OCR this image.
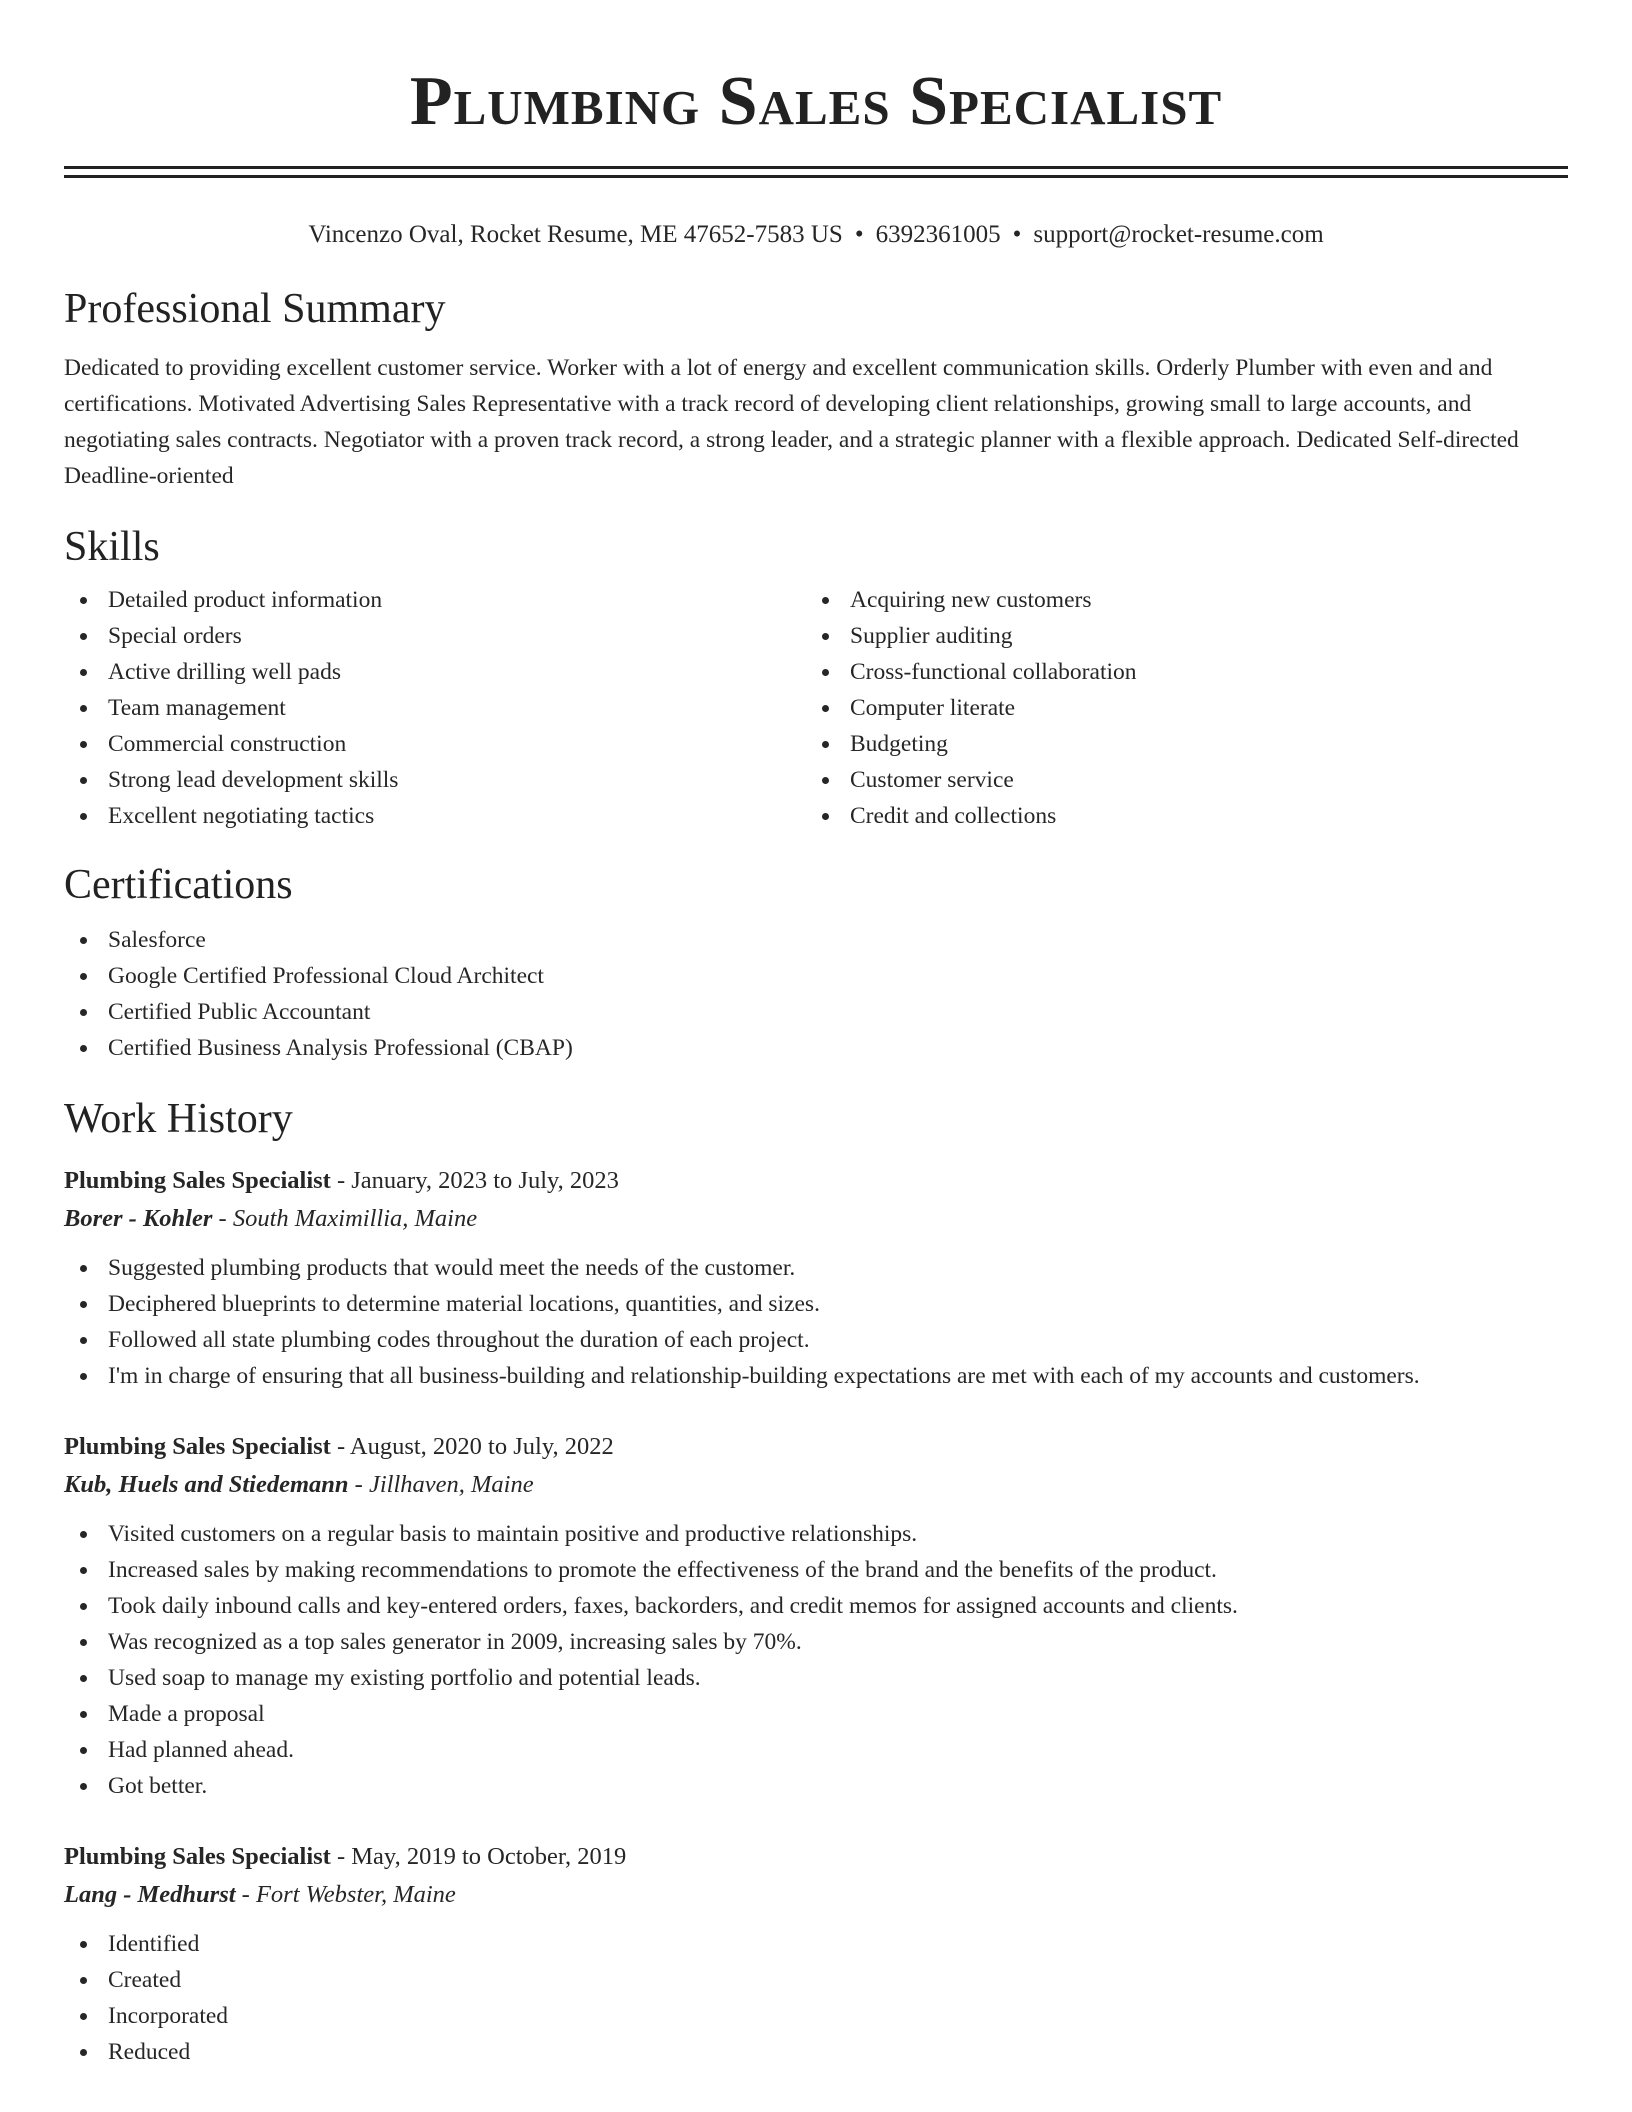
Plumbing Sales Specialist
Vincenzo Oval, Rocket Resume, ME 47652-7583 US • 6392361005 • support@rocket-resume.com
Professional Summary

Dedicated to providing excellent customer service. Worker with a lot of energy and excellent communication skills. Orderly Plumber with even and and certifications. Motivated Advertising Sales Representative with a track record of developing client relationships, growing small to large accounts, and negotiating sales contracts. Negotiator with a proven track record, a strong leader, and a strategic planner with a flexible approach. Dedicated Self-directed Deadline-oriented

Skills
Detailed product information
Special orders
Active drilling well pads
Team management
Commercial construction
Strong lead development skills
Excellent negotiating tactics
Acquiring new customers
Supplier auditing
Cross-functional collaboration
Computer literate
Budgeting
Customer service
Credit and collections
Certifications
Salesforce
Google Certified Professional Cloud Architect
Certified Public Accountant
Certified Business Analysis Professional (CBAP)
Work History
Plumbing Sales Specialist - January, 2023 to July, 2023
Borer - Kohler - South Maximillia, Maine
Suggested plumbing products that would meet the needs of the customer.
Deciphered blueprints to determine material locations, quantities, and sizes.
Followed all state plumbing codes throughout the duration of each project.
I'm in charge of ensuring that all business-building and relationship-building expectations are met with each of my accounts and customers.
Plumbing Sales Specialist - August, 2020 to July, 2022
Kub, Huels and Stiedemann - Jillhaven, Maine
Visited customers on a regular basis to maintain positive and productive relationships.
Increased sales by making recommendations to promote the effectiveness of the brand and the benefits of the product.
Took daily inbound calls and key-entered orders, faxes, backorders, and credit memos for assigned accounts and clients.
Was recognized as a top sales generator in 2009, increasing sales by 70%.
Used soap to manage my existing portfolio and potential leads.
Made a proposal
Had planned ahead.
Got better.
Plumbing Sales Specialist - May, 2019 to October, 2019
Lang - Medhurst - Fort Webster, Maine
Identified
Created
Incorporated
Reduced
